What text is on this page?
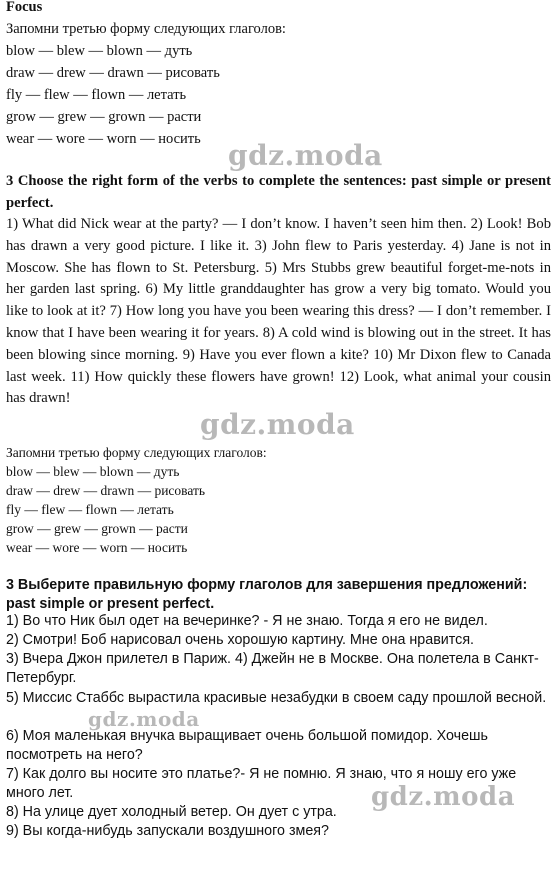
Focus
Запомни третью форму следующих глаголов:
blow — blew — blown — дуть
draw — drew — drawn — рисовать
fly — flew — flown — летать
grow — grew — grown — расти
wear — wore — worn — носить
3 Choose the right form of the verbs to complete the sentences: past simple or present perfect.
1) What did Nick wear at the party? — I don’t know. I haven’t seen him then. 2) Look! Bob has drawn a very good picture. I like it. 3) John flew to Paris yesterday. 4) Jane is not in Moscow. She has flown to St. Petersburg. 5) Mrs Stubbs grew beautiful forget-me-nots in her garden last spring. 6) My little granddaughter has grow a very big tomato. Would you like to look at it? 7) How long you have you been wearing this dress? — I don’t remember. I know that I have been wearing it for years. 8) A cold wind is blowing out in the street. It has been blowing since morning. 9) Have you ever flown a kite? 10) Mr Dixon flew to Canada last week. 11) How quickly these flowers have grown! 12) Look, what animal your cousin has drawn!
Запомни третью форму следующих глаголов:
blow — blew — blown — дуть
draw — drew — drawn — рисовать
fly — flew — flown — летать
grow — grew — grown — расти
wear — wore — worn — носить
3 Выберите правильную форму глаголов для завершения предложений: past simple or present perfect.
1) Во что Ник был одет на вечеринке? - Я не знаю. Тогда я его не видел.
2) Смотри! Боб нарисовал очень хорошую картину. Мне она нравится.
3) Вчера Джон прилетел в Париж. 4) Джейн не в Москве. Она полетела в Санкт-Петербург.
5) Миссис Стаббс вырастила красивые незабудки в своем саду прошлой весной.
6) Моя маленькая внучка выращивает очень большой помидор. Хочешь посмотреть на него?
7) Как долго вы носите это платье?- Я не помню. Я знаю, что я ношу его уже много лет.
8) На улице дует холодный ветер. Он дует с утра.
9) Вы когда-нибудь запускали воздушного змея?
gdz.moda
gdz.moda
gdz.moda
gdz.moda
